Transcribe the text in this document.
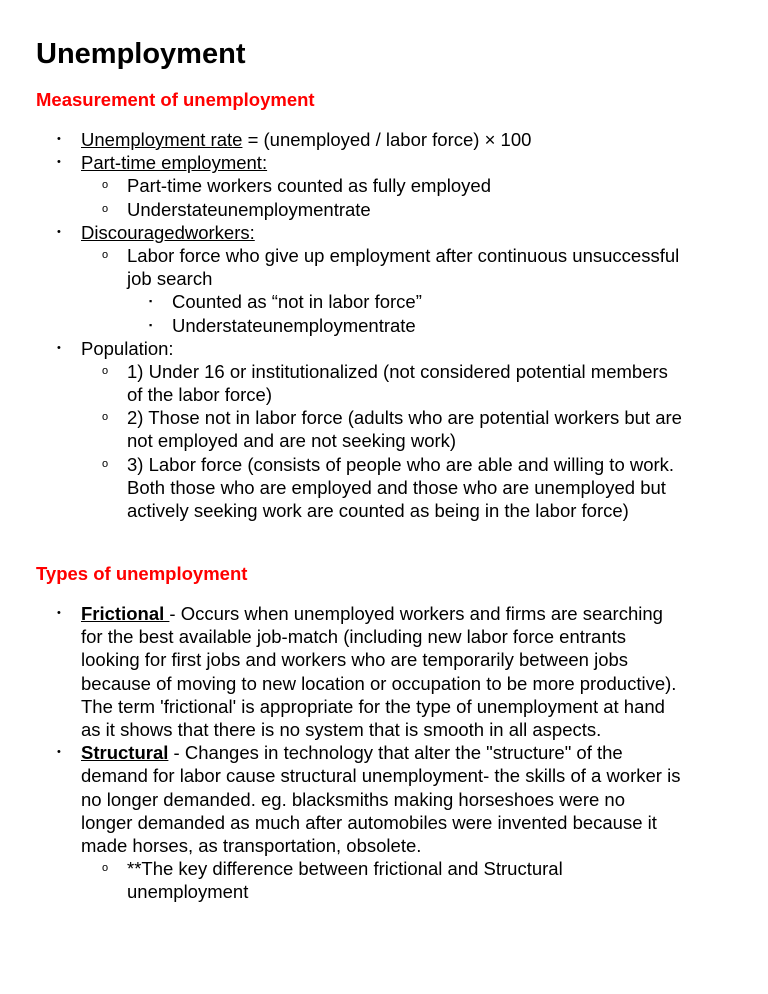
Unemployment
Measurement of unemployment
• Unemployment rate = (unemployed / labor force) × 100
• Part-time employment:
o Part-time workers counted as fully employed
o Understateunemploymentrate
• Discouragedworkers:
o Labor force who give up employment after continuous unsuccessful
job search
▪ Counted as “not in labor force”
▪ Understateunemploymentrate
• Population:
o 1) Under 16 or institutionalized (not considered potential members
of the labor force)
o 2) Those not in labor force (adults who are potential workers but are
not employed and are not seeking work)
o 3) Labor force (consists of people who are able and willing to work.
Both those who are employed and those who are unemployed but
actively seeking work are counted as being in the labor force)
Types of unemployment
• Frictional - Occurs when unemployed workers and firms are searching
for the best available job-match (including new labor force entrants
looking for first jobs and workers who are temporarily between jobs
because of moving to new location or occupation to be more productive).
The term 'frictional' is appropriate for the type of unemployment at hand
as it shows that there is no system that is smooth in all aspects.
• Structural - Changes in technology that alter the "structure" of the
demand for labor cause structural unemployment- the skills of a worker is
no longer demanded. eg. blacksmiths making horseshoes were no
longer demanded as much after automobiles were invented because it
made horses, as transportation, obsolete.
o **The key difference between frictional and Structural
unemployment
